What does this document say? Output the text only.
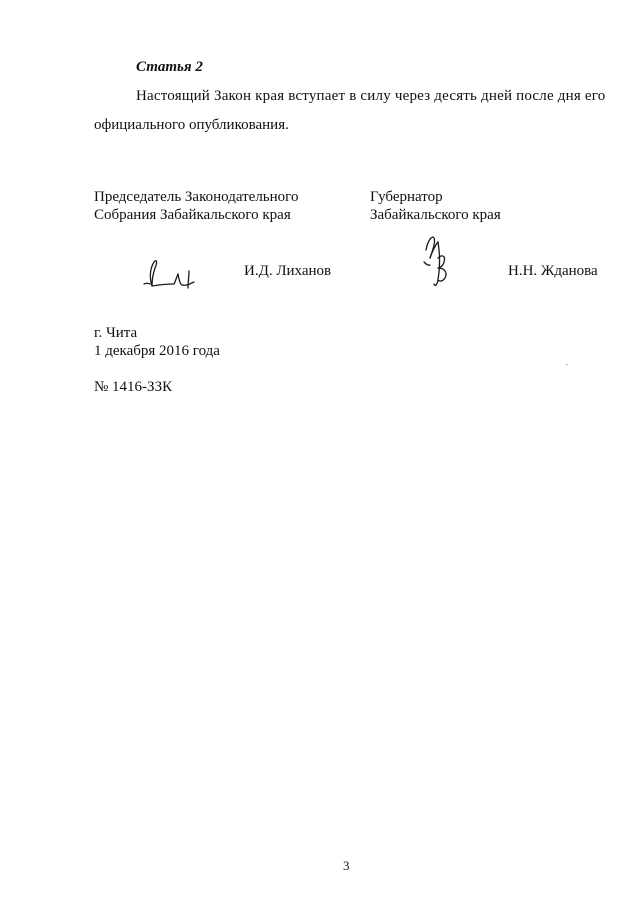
Статья 2
Настоящий Закон края вступает в силу через десять дней после дня его
официального опубликования.
Председатель Законодательного
Собрания Забайкальского края
Губернатор
Забайкальского края
И.Д. Лиханов	Н.Н. Жданова
г. Чита
1 декабря 2016 года
№ 1416-ЗЗК
3
